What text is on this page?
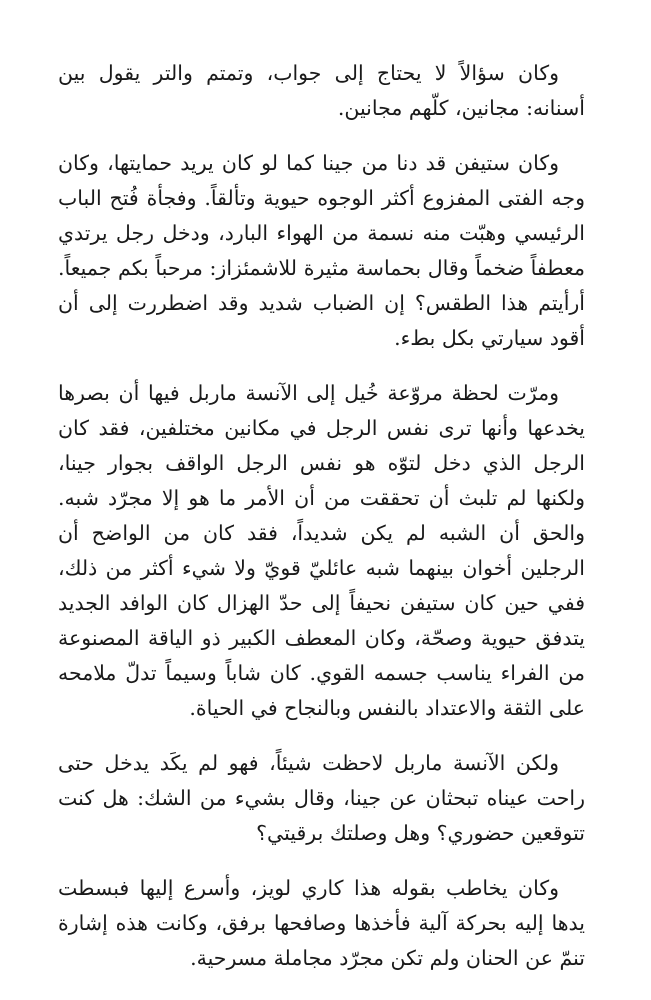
وكان سؤالاً لا يحتاج إلى جواب، وتمتم والتر يقول بين أسنانه: مجانين، كلّهم مجانين.

وكان ستيفن قد دنا من جينا كما لو كان يريد حمايتها، وكان وجه الفتى المفزوع أكثر الوجوه حيوية وتألقاً. وفجأة فُتح الباب الرئيسي وهبّت منه نسمة من الهواء البارد، ودخل رجل يرتدي معطفاً ضخماً وقال بحماسة مثيرة للاشمئزاز: مرحباً بكم جميعاً. أرأيتم هذا الطقس؟ إن الضباب شديد وقد اضطررت إلى أن أقود سيارتي بكل بطء.

ومرّت لحظة مروّعة خُيل إلى الآنسة ماربل فيها أن بصرها يخدعها وأنها ترى نفس الرجل في مكانين مختلفين، فقد كان الرجل الذي دخل لتوّه هو نفس الرجل الواقف بجوار جينا، ولكنها لم تلبث أن تحققت من أن الأمر ما هو إلا مجرّد شبه. والحق أن الشبه لم يكن شديداً، فقد كان من الواضح أن الرجلين أخوان بينهما شبه عائليّ قويّ ولا شيء أكثر من ذلك، ففي حين كان ستيفن نحيفاً إلى حدّ الهزال كان الوافد الجديد يتدفق حيوية وصحّة، وكان المعطف الكبير ذو الياقة المصنوعة من الفراء يناسب جسمه القوي. كان شاباً وسيماً تدلّ ملامحه على الثقة والاعتداد بالنفس وبالنجاح في الحياة.

ولكن الآنسة ماربل لاحظت شيئاً، فهو لم يكَد يدخل حتى راحت عيناه تبحثان عن جينا، وقال بشيء من الشك: هل كنت تتوقعين حضوري؟ وهل وصلتك برقيتي؟

وكان يخاطب بقوله هذا كاري لويز، وأسرع إليها فبسطت يدها إليه بحركة آلية فأخذها وصافحها برفق، وكانت هذه إشارة تنمّ عن الحنان ولم تكن مجرّد مجاملة مسرحية.
